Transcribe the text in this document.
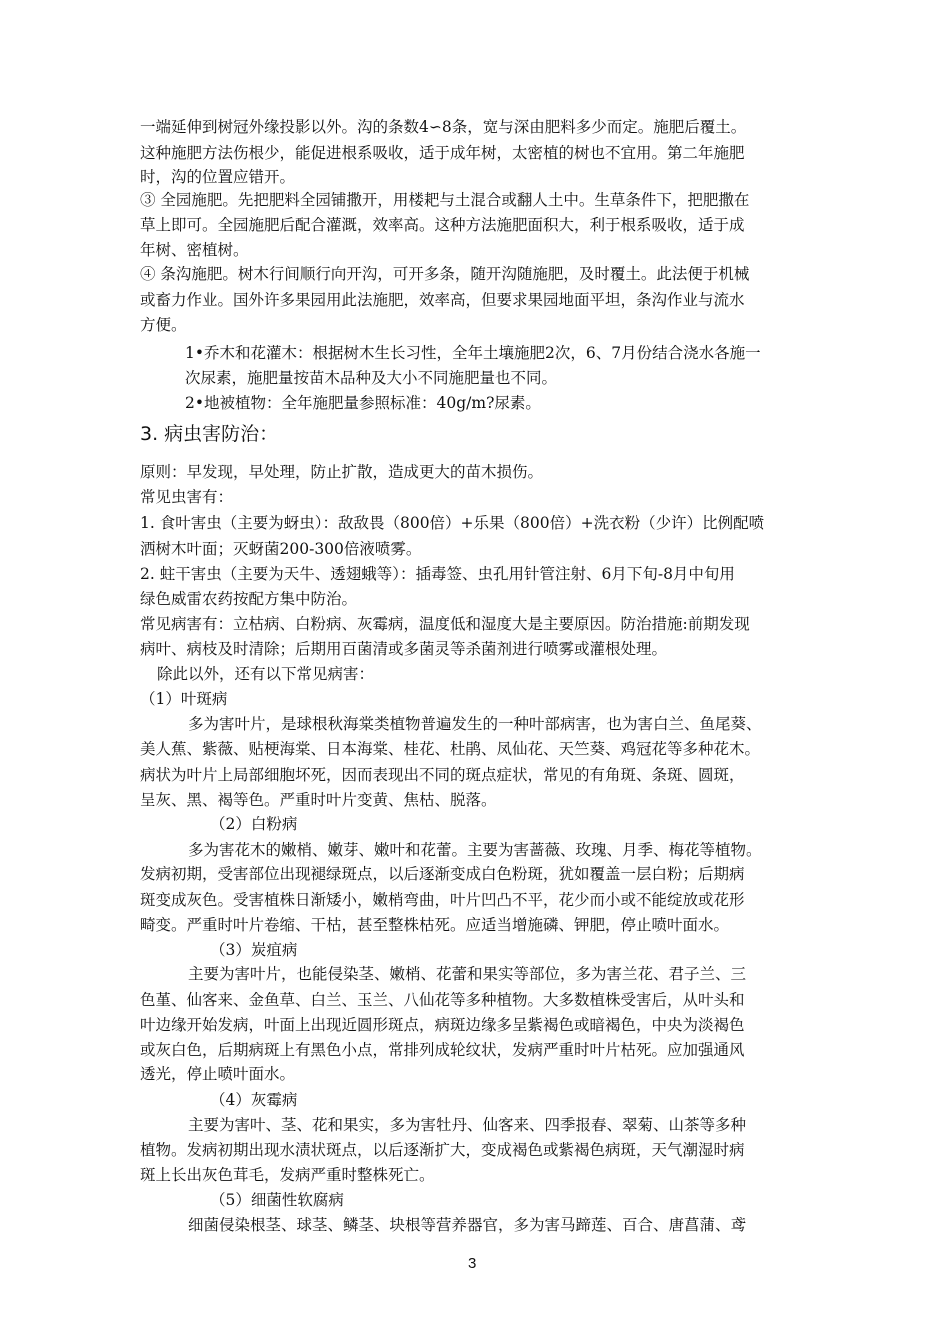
一端延伸到树冠外缘投影以外。沟的条数4∽8条，宽与深由肥料多少而定。施肥后覆土。
这种施肥方法伤根少，能促进根系吸收，适于成年树，太密植的树也不宜用。第二年施肥
时，沟的位置应错开。
③ 全园施肥。先把肥料全园铺撒开，用楼耙与土混合或翻人土中。生草条件下，把肥撒在
草上即可。全园施肥后配合灌溉，效率高。这种方法施肥面积大，利于根系吸收，适于成
年树、密植树。
④ 条沟施肥。树木行间顺行向开沟，可开多条，随开沟随施肥，及时覆土。此法便于机械
或畜力作业。国外许多果园用此法施肥，效率高，但要求果园地面平坦，条沟作业与流水
方便。
1•乔木和花灌木：根据树木生长习性，全年土壤施肥2次，6、7月份结合浇水各施一
次尿素，施肥量按苗木品种及大小不同施肥量也不同。
2•地被植物：全年施肥量参照标准：40g/m?尿素。
3. 病虫害防治：
原则：早发现，早处理，防止扩散，造成更大的苗木损伤。
常见虫害有：
1. 食叶害虫（主要为蚜虫）：敌敌畏（800倍）+乐果（800倍）+洗衣粉（少许）比例配喷
洒树木叶面；灭蚜菌200-300倍液喷雾。
2. 蛀干害虫（主要为天牛、透翅蛾等）：插毒签、虫孔用针管注射、6月下旬-8月中旬用
绿色威雷农药按配方集中防治。
常见病害有：立枯病、白粉病、灰霉病，温度低和湿度大是主要原因。防治措施:前期发现
病叶、病枝及时清除；后期用百菌清或多菌灵等杀菌剂进行喷雾或灌根处理。
除此以外，还有以下常见病害：
（1）叶斑病
多为害叶片，是球根秋海棠类植物普遍发生的一种叶部病害，也为害白兰、鱼尾葵、
美人蕉、紫薇、贴梗海棠、日本海棠、桂花、杜鹃、凤仙花、天竺葵、鸡冠花等多种花木。
病状为叶片上局部细胞坏死，因而表现出不同的斑点症状，常见的有角斑、条斑、圆斑，
呈灰、黑、褐等色。严重时叶片变黄、焦枯、脱落。
（2）白粉病
多为害花木的嫩梢、嫩芽、嫩叶和花蕾。主要为害蔷薇、玫瑰、月季、梅花等植物。
发病初期，受害部位出现褪绿斑点，以后逐渐变成白色粉斑，犹如覆盖一层白粉；后期病
斑变成灰色。受害植株日渐矮小，嫩梢弯曲，叶片凹凸不平，花少而小或不能绽放或花形
畸变。严重时叶片卷缩、干枯，甚至整株枯死。应适当增施磷、钾肥，停止喷叶面水。
（3）炭疽病
主要为害叶片，也能侵染茎、嫩梢、花蕾和果实等部位，多为害兰花、君子兰、三
色堇、仙客来、金鱼草、白兰、玉兰、八仙花等多种植物。大多数植株受害后，从叶头和
叶边缘开始发病，叶面上出现近圆形斑点，病斑边缘多呈紫褐色或暗褐色，中央为淡褐色
或灰白色，后期病斑上有黑色小点，常排列成轮纹状，发病严重时叶片枯死。应加强通风
透光，停止喷叶面水。
（4）灰霉病
主要为害叶、茎、花和果实，多为害牡丹、仙客来、四季报春、翠菊、山茶等多种
植物。发病初期出现水渍状斑点，以后逐渐扩大，变成褐色或紫褐色病斑，天气潮湿时病
斑上长出灰色茸毛，发病严重时整株死亡。
（5）细菌性软腐病
细菌侵染根茎、球茎、鳞茎、块根等营养器官，多为害马蹄莲、百合、唐菖蒲、鸢
3
